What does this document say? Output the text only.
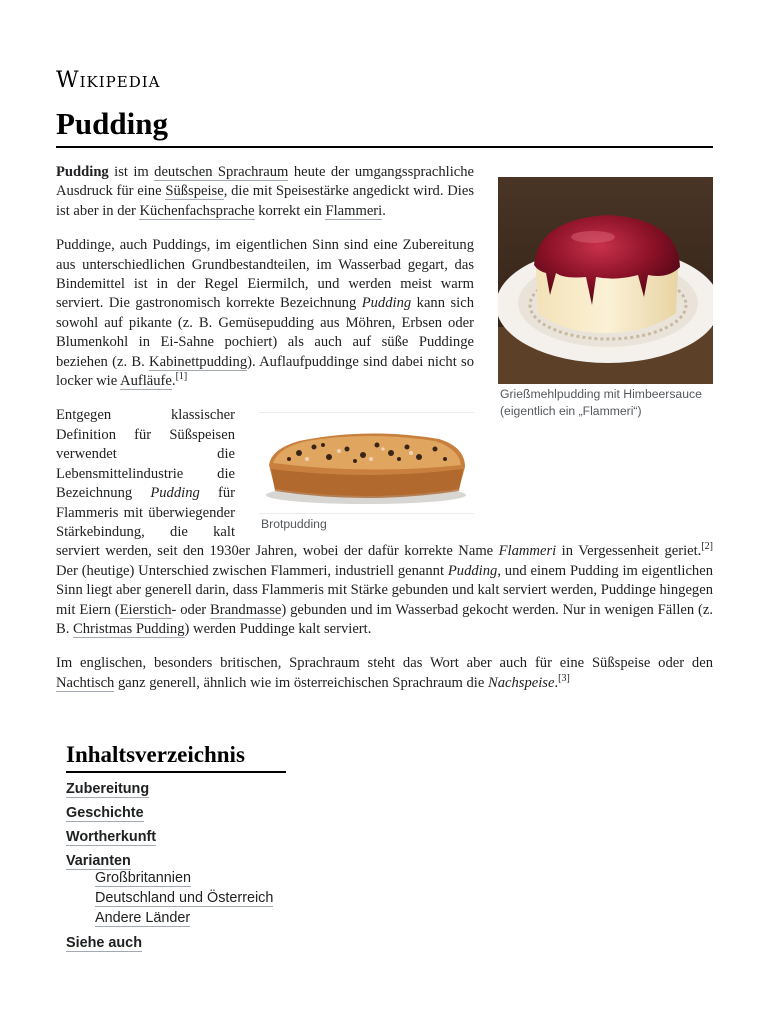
Wikipedia
Pudding
Grießmehlpudding mit Himbeersauce (eigentlich ein „Flammeri“)

Pudding ist im deutschen Sprachraum heute der umgangssprachliche Ausdruck für eine Süßspeise, die mit Speisestärke angedickt wird. Dies ist aber in der Küchenfachsprache korrekt ein Flammeri.

Puddinge, auch Puddings, im eigentlichen Sinn sind eine Zubereitung aus unterschiedlichen Grundbestandteilen, im Wasserbad gegart, das Bindemittel ist in der Regel Eiermilch, und werden meist warm serviert. Die gastronomisch korrekte Bezeichnung Pudding kann sich sowohl auf pikante (z. B. Gemüsepudding aus Möhren, Erbsen oder Blumenkohl in Ei-Sahne pochiert) als auch auf süße Puddinge beziehen (z. B. Kabinettpudding). Auflaufpuddinge sind dabei nicht so locker wie Aufläufe.[1]

Brotpudding

Entgegen klassischer Definition für Süßspeisen verwendet die Lebensmittelindustrie die Bezeichnung Pudding für Flammeris mit überwiegender Stärkebindung, die kalt serviert werden, seit den 1930er Jahren, wobei der dafür korrekte Name Flammeri in Vergessenheit geriet.[2] Der (heutige) Unterschied zwischen Flammeri, industriell genannt Pudding, und einem Pudding im eigentlichen Sinn liegt aber generell darin, dass Flammeris mit Stärke gebunden und kalt serviert werden, Puddinge hingegen mit Eiern (Eierstich- oder Brandmasse) gebunden und im Wasserbad gekocht werden. Nur in wenigen Fällen (z. B. Christmas Pudding) werden Puddinge kalt serviert.

Im englischen, besonders britischen, Sprachraum steht das Wort aber auch für eine Süßspeise oder den Nachtisch ganz generell, ähnlich wie im österreichischen Sprachraum die Nachspeise.[3]

Inhaltsverzeichnis
Zubereitung
Geschichte
Wortherkunft
Varianten
Großbritannien
Deutschland und Österreich
Andere Länder
Siehe auch
